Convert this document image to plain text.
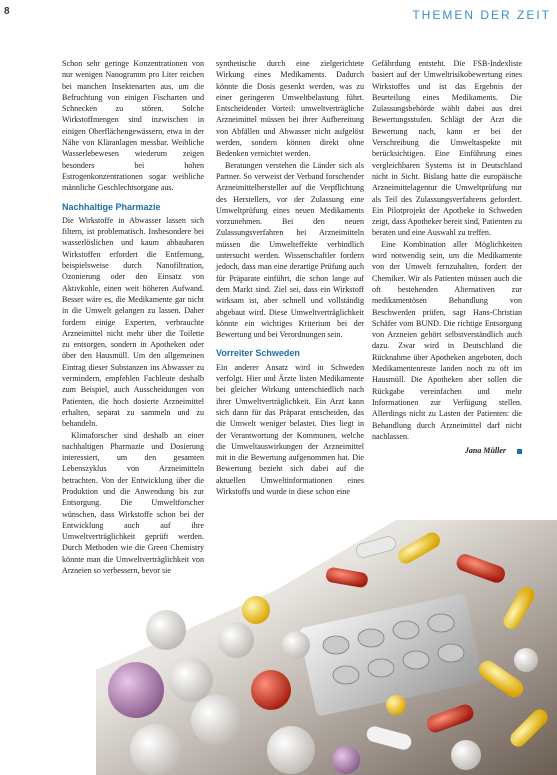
8	THEMEN DER ZEIT

Schon sehr geringe Konzentrationen von nur wenigen Nanogramm pro Liter reichen bei manchen Insektenarten aus, um die Befruchtung von einigen Fischarten und Schnecken zu stören. Solche Wirkstoffmengen sind inzwischen in einigen Oberflächengewässern, etwa in der Nähe von Kläranlagen messbar. Weibliche Wasserlebewesen wiederum zeigen besonders bei hohen Estrogenkonzentrationen sogar weibliche männliche Geschlechtsorgane aus.

Nachhaltige Pharmazie

Die Wirkstoffe in Abwasser lassen sich filtern, ist problematisch. Insbesondere bei wasserlöslichen und kaum abbaubaren Wirkstoffen erfordert die Entfernung, beispielsweise durch Nanofiltration, Ozonierung oder den Einsatz von Aktivkohle, einen weit höheren Aufwand. Besser wäre es, die Medikamente gar nicht in die Umwelt gelangen zu lassen. Daher fordern einige Experten, verbrauchte Arzneimittel nicht mehr über die Toilette zu entsorgen, sondern in Apotheken oder über den Hausmüll. Um den allgemeinen Eintrag dieser Substanzen ins Abwasser zu vermindern, empfehlen Fachleute deshalb zum Beispiel, auch Ausscheidungen von Patienten, die hoch dosierte Arzneimittel erhalten, separat zu sammeln und zu behandeln.

Klimaforscher sind deshalb an einer nachhaltigen Pharmazie und Dosierung interessiert, um den gesamten Lebenszyklus von Arzneimitteln betrachten. Von der Entwicklung über die Produktion und die Anwendung bis zur Entsorgung. Die Umweltforscher wünschen, dass Wirkstoffe schon bei der Entwicklung auch auf ihre Umweltverträglichkeit geprüft werden. Durch Methoden wie die Green Chemistry könnte man die Umweltverträglichkeit von Arzneien so verbessern, bevor sie

synthetische durch eine zielgerichtete Wirkung eines Medikaments. Dadurch könnte die Dosis gesenkt werden, was zu einer geringeren Umweltbelastung führt. Entscheidender Vorteil: umweltverträgliche Arzneimittel müssen bei ihrer Aufbereitung von Abfällen und Abwasser nicht aufgelöst werden, sondern können direkt ohne Bedenken vernichtet werden.

Beratungen verstehen die Länder sich als Partner. So verweist der Verband forschender Arzneimittelhersteller auf die Verpflichtung des Herstellers, vor der Zulassung eine Umweltprüfung eines neuen Medikaments vorzunehmen. Bei den neuen Zulassungsverfahren bei Arzneimitteln müssen die Umwelteffekte verbindlich untersucht werden. Wissenschaftler fordern jedoch, dass man eine derartige Prüfung auch für Präparate einführt, die schon lange auf dem Markt sind. Ziel sei, dass ein Wirkstoff wirksam ist, aber schnell und vollständig abgebaut wird. Diese Umweltverträglichkeit könnte ein wichtiges Kriterium bei der Bewertung und bei Verordnungen sein.

Vorreiter Schweden

Ein anderer Ansatz wird in Schweden verfolgt. Hier und Ärzte listen Medikamente bei gleicher Wirkung unterschiedlich nach ihrer Umweltverträglichkeit. Ein Arzt kann sich dann für das Präparat entscheiden, das die Umwelt weniger belastet. Dies liegt in der Verantwortung der Kommunen, welche die Umweltauswirkungen der Arzneimittel mit in die Bewertung aufgenommen hat. Die Bewertung bezieht sich dabei auf die aktuellen Umweltinformationen eines Wirkstoffs und wurde in diese schon eine

Gefährdung entsteht. Die FSB-Indexliste basiert auf der Umweltrisikobewertung eines Wirkstoffes und ist das Ergebnis der Beurteilung eines Medikaments. Die Zulassungsbehörde wählt dabei aus drei Bewertungsstufen. Schlägt der Arzt die Bewertung nach, kann er bei der Verschreibung die Umweltaspekte mit berücksichtigen. Eine Einführung eines vergleichbaren Systems ist in Deutschland nicht in Sicht. Bislang hatte die europäische Arzneimittelagentur die Umweltprüfung nur als Teil des Zulassungsverfahrens gefordert. Ein Pilotprojekt der Apotheke in Schweden zeigt, dass Apotheker bereit sind, Patienten zu beraten und eine Auswahl zu treffen.

Eine Kombination aller Möglichkeiten wird notwendig sein, um die Medikamente von der Umwelt fernzuhalten, fordert der Chemiker. Wir als Patienten müssen auch die oft bestehenden Alternativen zur medikamentösen Behandlung von Beschwerden prüfen, sagt Hans-Christian Schäfer vom BUND. Die richtige Entsorgung von Arzneien gehört selbstverständlich auch dazu. Zwar wird in Deutschland die Rücknahme über Apotheken angeboten, doch Medikamentenreste landen noch zu oft im Hausmüll. Die Apotheken aber sollen die Rückgabe vereinfachen und mehr Informationen zur Verfügung stellen. Allerdings nicht zu Lasten der Patienten: die Behandlung durch Arzneimittel darf nicht nachlassen.

Jana Müller
